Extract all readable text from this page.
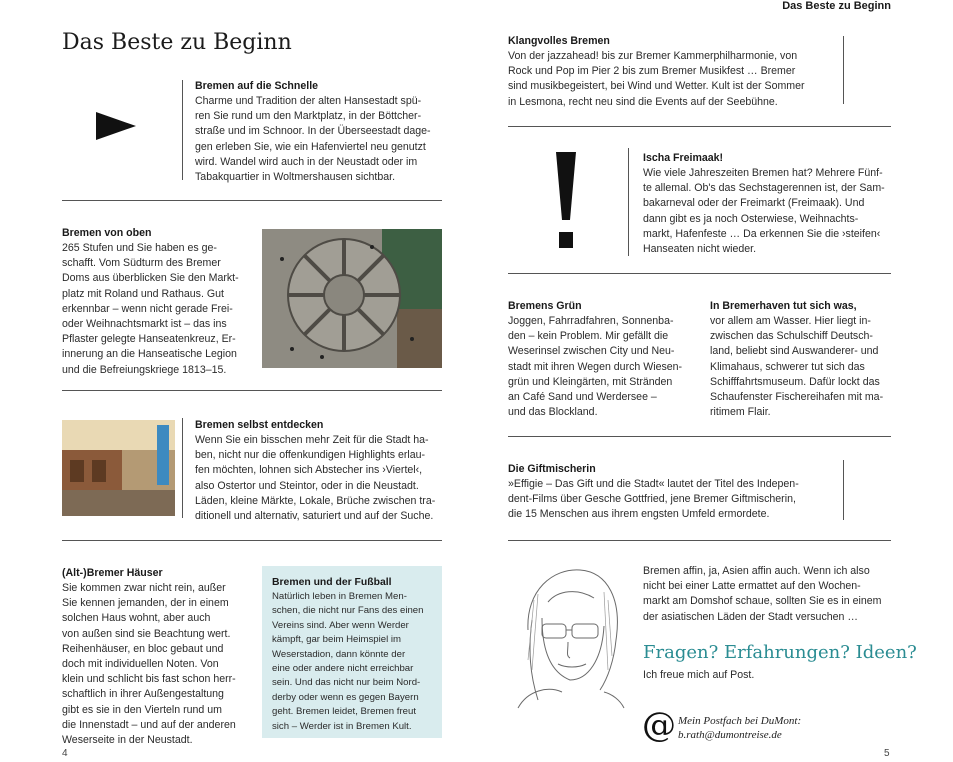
Das Beste zu Beginn
Das Beste zu Beginn

Bremen auf die Schnelle

Charme und Tradition der alten Hansestadt spü-
ren Sie rund um den Marktplatz, in der Böttcher-
straße und im Schnoor. In der Überseestadt dage-
gen erleben Sie, wie ein Hafenviertel neu genutzt
wird. Wandel wird auch in der Neustadt oder im
Tabakquartier in Woltmershausen sichtbar.

Bremen von oben

265 Stufen und Sie haben es ge-
schafft. Vom Südturm des Bremer
Doms aus überblicken Sie den Markt-
platz mit Roland und Rathaus. Gut
erkennbar – wenn nicht gerade Frei-
oder Weihnachtsmarkt ist – das ins
Pflaster gelegte Hanseatenkreuz, Er-
innerung an die Hanseatische Legion
und die Befreiungskriege 1813–15.

Bremen selbst entdecken

Wenn Sie ein bisschen mehr Zeit für die Stadt ha-
ben, nicht nur die offenkundigen Highlights erlau-
fen möchten, lohnen sich Abstecher ins ›Viertel‹,
also Ostertor und Steintor, oder in die Neustadt.
Läden, kleine Märkte, Lokale, Brüche zwischen tra-
ditionell und alternativ, saturiert und auf der Suche.

(Alt-)Bremer Häuser

Sie kommen zwar nicht rein, außer
Sie kennen jemanden, der in einem
solchen Haus wohnt, aber auch
von außen sind sie Beachtung wert.
Reihenhäuser, en bloc gebaut und
doch mit individuellen Noten. Von
klein und schlicht bis fast schon herr-
schaftlich in ihrer Außengestaltung
gibt es sie in den Vierteln rund um
die Innenstadt – und auf der anderen
Weserseite in der Neustadt.

Bremen und der Fußball

Natürlich leben in Bremen Men-
schen, die nicht nur Fans des einen
Vereins sind. Aber wenn Werder
kämpft, gar beim Heimspiel im
Weserstadion, dann könnte der
eine oder andere nicht erreichbar
sein. Und das nicht nur beim Nord-
derby oder wenn es gegen Bayern
geht. Bremen leidet, Bremen freut
sich – Werder ist in Bremen Kult.
4

Klangvolles Bremen

Von der jazzahead! bis zur Bremer Kammerphilharmonie, von
Rock und Pop im Pier 2 bis zum Bremer Musikfest … Bremer
sind musikbegeistert, bei Wind und Wetter. Kult ist der Sommer
in Lesmona, recht neu sind die Events auf der Seebühne.

Ischa Freimaak!

Wie viele Jahreszeiten Bremen hat? Mehrere Fünf-
te allemal. Ob's das Sechstagerennen ist, der Sam-
bakarneval oder der Freimarkt (Freimaak). Und
dann gibt es ja noch Osterwiese, Weihnachts-
markt, Hafenfeste … Da erkennen Sie die ›steifen‹
Hanseaten nicht wieder.

Bremens Grün

Joggen, Fahrradfahren, Sonnenba-
den – kein Problem. Mir gefällt die
Weserinsel zwischen City und Neu-
stadt mit ihren Wegen durch Wiesen-
grün und Kleingärten, mit Stränden
an Café Sand und Werdersee –
und das Blockland.

In Bremerhaven tut sich was,

vor allem am Wasser. Hier liegt in-
zwischen das Schulschiff Deutsch-
land, beliebt sind Auswanderer- und
Klimahaus, schwerer tut sich das
Schifffahrtsmuseum. Dafür lockt das
Schaufenster Fischereihafen mit ma-
ritimem Flair.

Die Giftmischerin

»Effigie – Das Gift und die Stadt« lautet der Titel des Indepen-
dent-Films über Gesche Gottfried, jene Bremer Giftmischerin,
die 15 Menschen aus ihrem engsten Umfeld ermordete.
Bremen affin, ja, Asien affin auch. Wenn ich also
nicht bei einer Latte ermattet auf den Wochen-
markt am Domshof schaue, sollten Sie es in einem
der asiatischen Läden der Stadt versuchen …
Fragen? Erfahrungen? Ideen?
Ich freue mich auf Post.
@ Mein Postfach bei DuMont:
b.rath@dumontreise.de
5
